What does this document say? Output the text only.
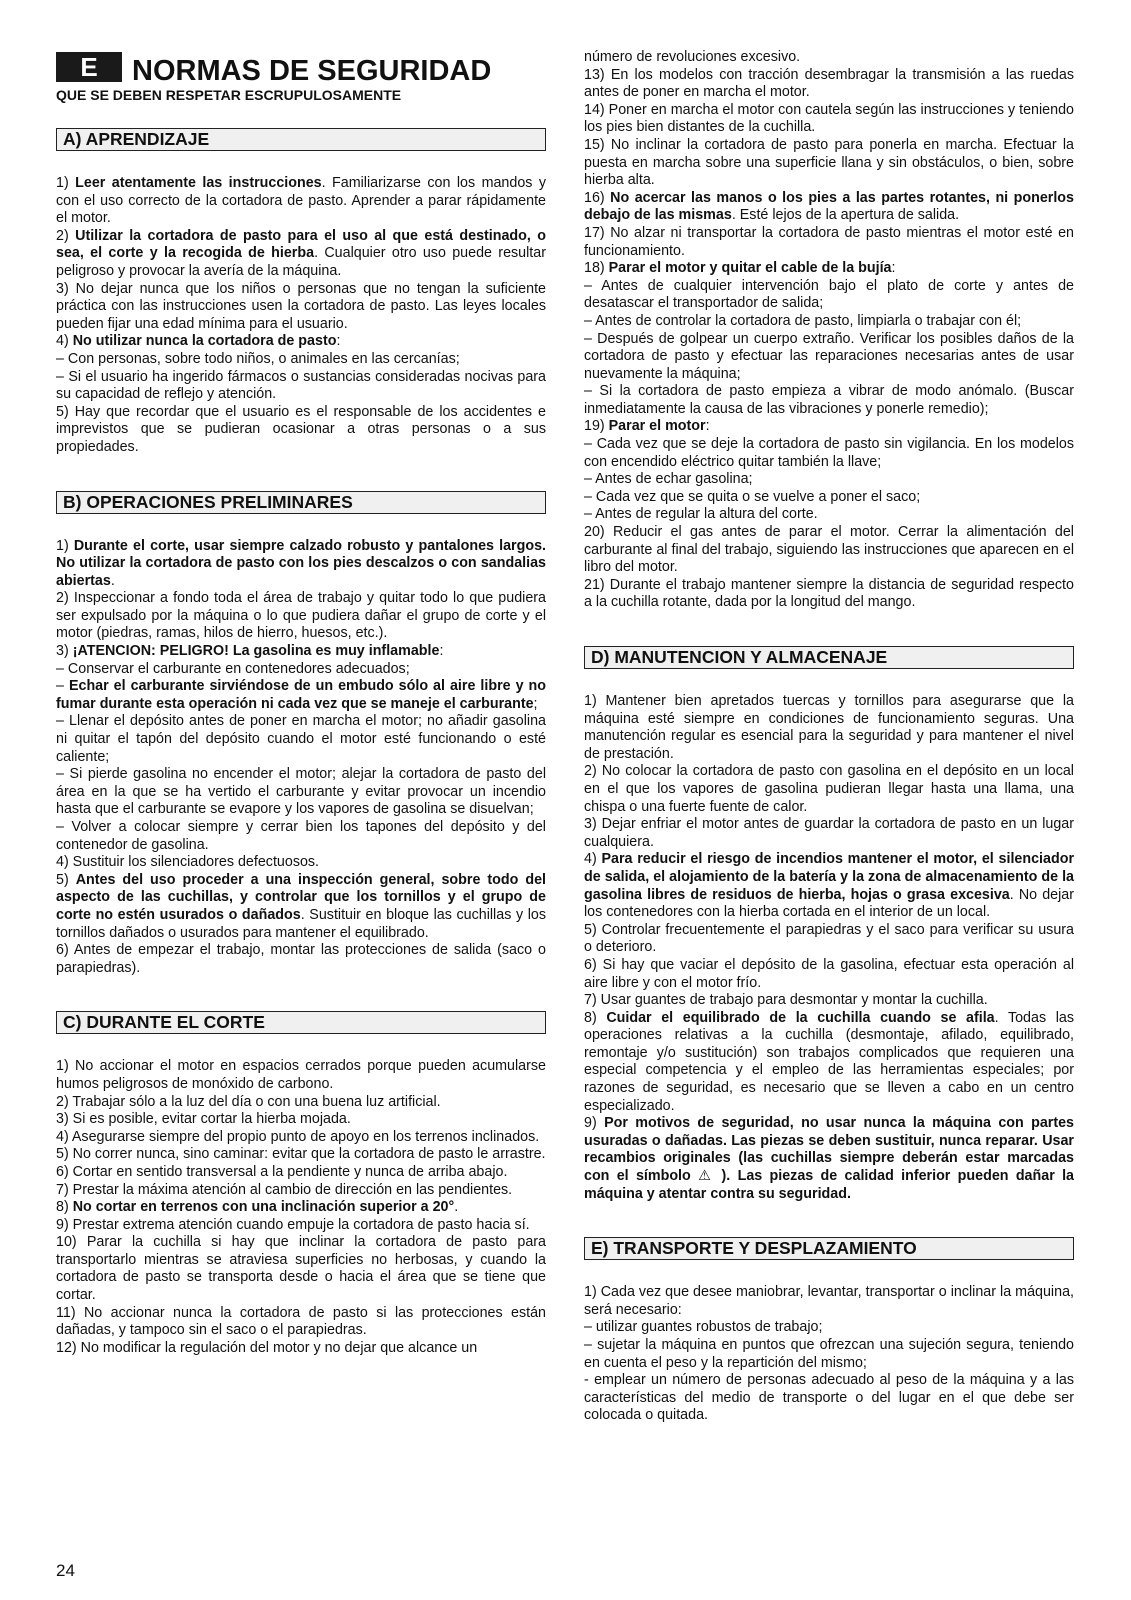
E	NORMAS DE SEGURIDAD
QUE SE DEBEN RESPETAR ESCRUPULOSAMENTE
A) APRENDIZAJE

1) Leer atentamente las instrucciones. Familiarizarse con los mandos y con el uso correcto de la cortadora de pasto. Aprender a parar rápidamente el motor.

2) Utilizar la cortadora de pasto para el uso al que está destinado, o sea, el corte y la recogida de hierba. Cualquier otro uso puede resultar peligroso y provocar la avería de la máquina.

3) No dejar nunca que los niños o personas que no tengan la suficiente práctica con las instrucciones usen la cortadora de pasto. Las leyes locales pueden fijar una edad mínima para el usuario.

4) No utilizar nunca la cortadora de pasto:

– Con personas, sobre todo niños, o animales en las cercanías;

– Si el usuario ha ingerido fármacos o sustancias consideradas nocivas para su capacidad de reflejo y atención.

5) Hay que recordar que el usuario es el responsable de los accidentes e imprevistos que se pudieran ocasionar a otras personas o a sus propiedades.

B) OPERACIONES PRELIMINARES

1) Durante el corte, usar siempre calzado robusto y pantalones largos. No utilizar la cortadora de pasto con los pies descalzos o con sandalias abiertas.

2) Inspeccionar a fondo toda el área de trabajo y quitar todo lo que pudiera ser expulsado por la máquina o lo que pudiera dañar el grupo de corte y el motor (piedras, ramas, hilos de hierro, huesos, etc.).

3) ¡ATENCION: PELIGRO! La gasolina es muy inflamable:

– Conservar el carburante en contenedores adecuados;

– Echar el carburante sirviéndose de un embudo sólo al aire libre y no fumar durante esta operación ni cada vez que se maneje el carburante;

– Llenar el depósito antes de poner en marcha el motor; no añadir gasolina ni quitar el tapón del depósito cuando el motor esté funcionando o esté caliente;

– Si pierde gasolina no encender el motor; alejar la cortadora de pasto del área en la que se ha vertido el carburante y evitar provocar un incendio hasta que el carburante se evapore y los vapores de gasolina se disuelvan;

– Volver a colocar siempre y cerrar bien los tapones del depósito y del contenedor de gasolina.

4) Sustituir los silenciadores defectuosos.

5) Antes del uso proceder a una inspección general, sobre todo del aspecto de las cuchillas, y controlar que los tornillos y el grupo de corte no estén usurados o dañados. Sustituir en bloque las cuchillas y los tornillos dañados o usurados para mantener el equilibrado.

6) Antes de empezar el trabajo, montar las protecciones de salida (saco o parapiedras).

C) DURANTE EL CORTE

1) No accionar el motor en espacios cerrados porque pueden acumularse humos peligrosos de monóxido de carbono.

2) Trabajar sólo a la luz del día o con una buena luz artificial.

3) Si es posible, evitar cortar la hierba mojada.

4) Asegurarse siempre del propio punto de apoyo en los terrenos inclinados.

5) No correr nunca, sino caminar: evitar que la cortadora de pasto le arrastre.

6) Cortar en sentido transversal a la pendiente y nunca de arriba abajo.

7) Prestar la máxima atención al cambio de dirección en las pendientes.

8) No cortar en terrenos con una inclinación superior a 20°.

9) Prestar extrema atención cuando empuje la cortadora de pasto hacia sí.

10) Parar la cuchilla si hay que inclinar la cortadora de pasto para transportarlo mientras se atraviesa superficies no herbosas, y cuando la cortadora de pasto se transporta desde o hacia el área que se tiene que cortar.

11) No accionar nunca la cortadora de pasto si las protecciones están dañadas, y tampoco sin el saco o el parapiedras.

12) No modificar la regulación del motor y no dejar que alcance un

número de revoluciones excesivo.

13) En los modelos con tracción desembragar la transmisión a las ruedas antes de poner en marcha el motor.

14) Poner en marcha el motor con cautela según las instrucciones y teniendo los pies bien distantes de la cuchilla.

15) No inclinar la cortadora de pasto para ponerla en marcha. Efectuar la puesta en marcha sobre una superficie llana y sin obstáculos, o bien, sobre hierba alta.

16) No acercar las manos o los pies a las partes rotantes, ni ponerlos debajo de las mismas. Esté lejos de la apertura de salida.

17) No alzar ni transportar la cortadora de pasto mientras el motor esté en funcionamiento.

18) Parar el motor y quitar el cable de la bujía:

– Antes de cualquier intervención bajo el plato de corte y antes de desatascar el transportador de salida;

– Antes de controlar la cortadora de pasto, limpiarla o trabajar con él;

– Después de golpear un cuerpo extraño. Verificar los posibles daños de la cortadora de pasto y efectuar las reparaciones necesarias antes de usar nuevamente la máquina;

– Si la cortadora de pasto empieza a vibrar de modo anómalo. (Buscar inmediatamente la causa de las vibraciones y ponerle remedio);

19) Parar el motor:

– Cada vez que se deje la cortadora de pasto sin vigilancia. En los modelos con encendido eléctrico quitar también la llave;

– Antes de echar gasolina;

– Cada vez que se quita o se vuelve a poner el saco;

– Antes de regular la altura del corte.

20) Reducir el gas antes de parar el motor. Cerrar la alimentación del carburante al final del trabajo, siguiendo las instrucciones que aparecen en el libro del motor.

21) Durante el trabajo mantener siempre la distancia de seguridad respecto a la cuchilla rotante, dada por la longitud del mango.

D) MANUTENCION Y ALMACENAJE

1) Mantener bien apretados tuercas y tornillos para asegurarse que la máquina esté siempre en condiciones de funcionamiento seguras. Una manutención regular es esencial para la seguridad y para mantener el nivel de prestación.

2) No colocar la cortadora de pasto con gasolina en el depósito en un local en el que los vapores de gasolina pudieran llegar hasta una llama, una chispa o una fuerte fuente de calor.

3) Dejar enfriar el motor antes de guardar la cortadora de pasto en un lugar cualquiera.

4) Para reducir el riesgo de incendios mantener el motor, el silenciador de salida, el alojamiento de la batería y la zona de almacenamiento de la gasolina libres de residuos de hierba, hojas o grasa excesiva. No dejar los contenedores con la hierba cortada en el interior de un local.

5) Controlar frecuentemente el parapiedras y el saco para verificar su usura o deterioro.

6) Si hay que vaciar el depósito de la gasolina, efectuar esta operación al aire libre y con el motor frío.

7) Usar guantes de trabajo para desmontar y montar la cuchilla.

8) Cuidar el equilibrado de la cuchilla cuando se afila. Todas las operaciones relativas a la cuchilla (desmontaje, afilado, equilibrado, remontaje y/o sustitución) son trabajos complicados que requieren una especial competencia y el empleo de las herramientas especiales; por razones de seguridad, es necesario que se lleven a cabo en un centro especializado.

9) Por motivos de seguridad, no usar nunca la máquina con partes usuradas o dañadas. Las piezas se deben sustituir, nunca reparar. Usar recambios originales (las cuchillas siempre deberán estar marcadas con el símbolo ⚠ ). Las piezas de calidad inferior pueden dañar la máquina y atentar contra su seguridad.

E) TRANSPORTE Y DESPLAZAMIENTO

1) Cada vez que desee maniobrar, levantar, transportar o inclinar la máquina, será necesario:

– utilizar guantes robustos de trabajo;

– sujetar la máquina en puntos que ofrezcan una sujeción segura, teniendo en cuenta el peso y la repartición del mismo;

- emplear un número de personas adecuado al peso de la máquina y a las características del medio de transporte o del lugar en el que debe ser colocada o quitada.

24
